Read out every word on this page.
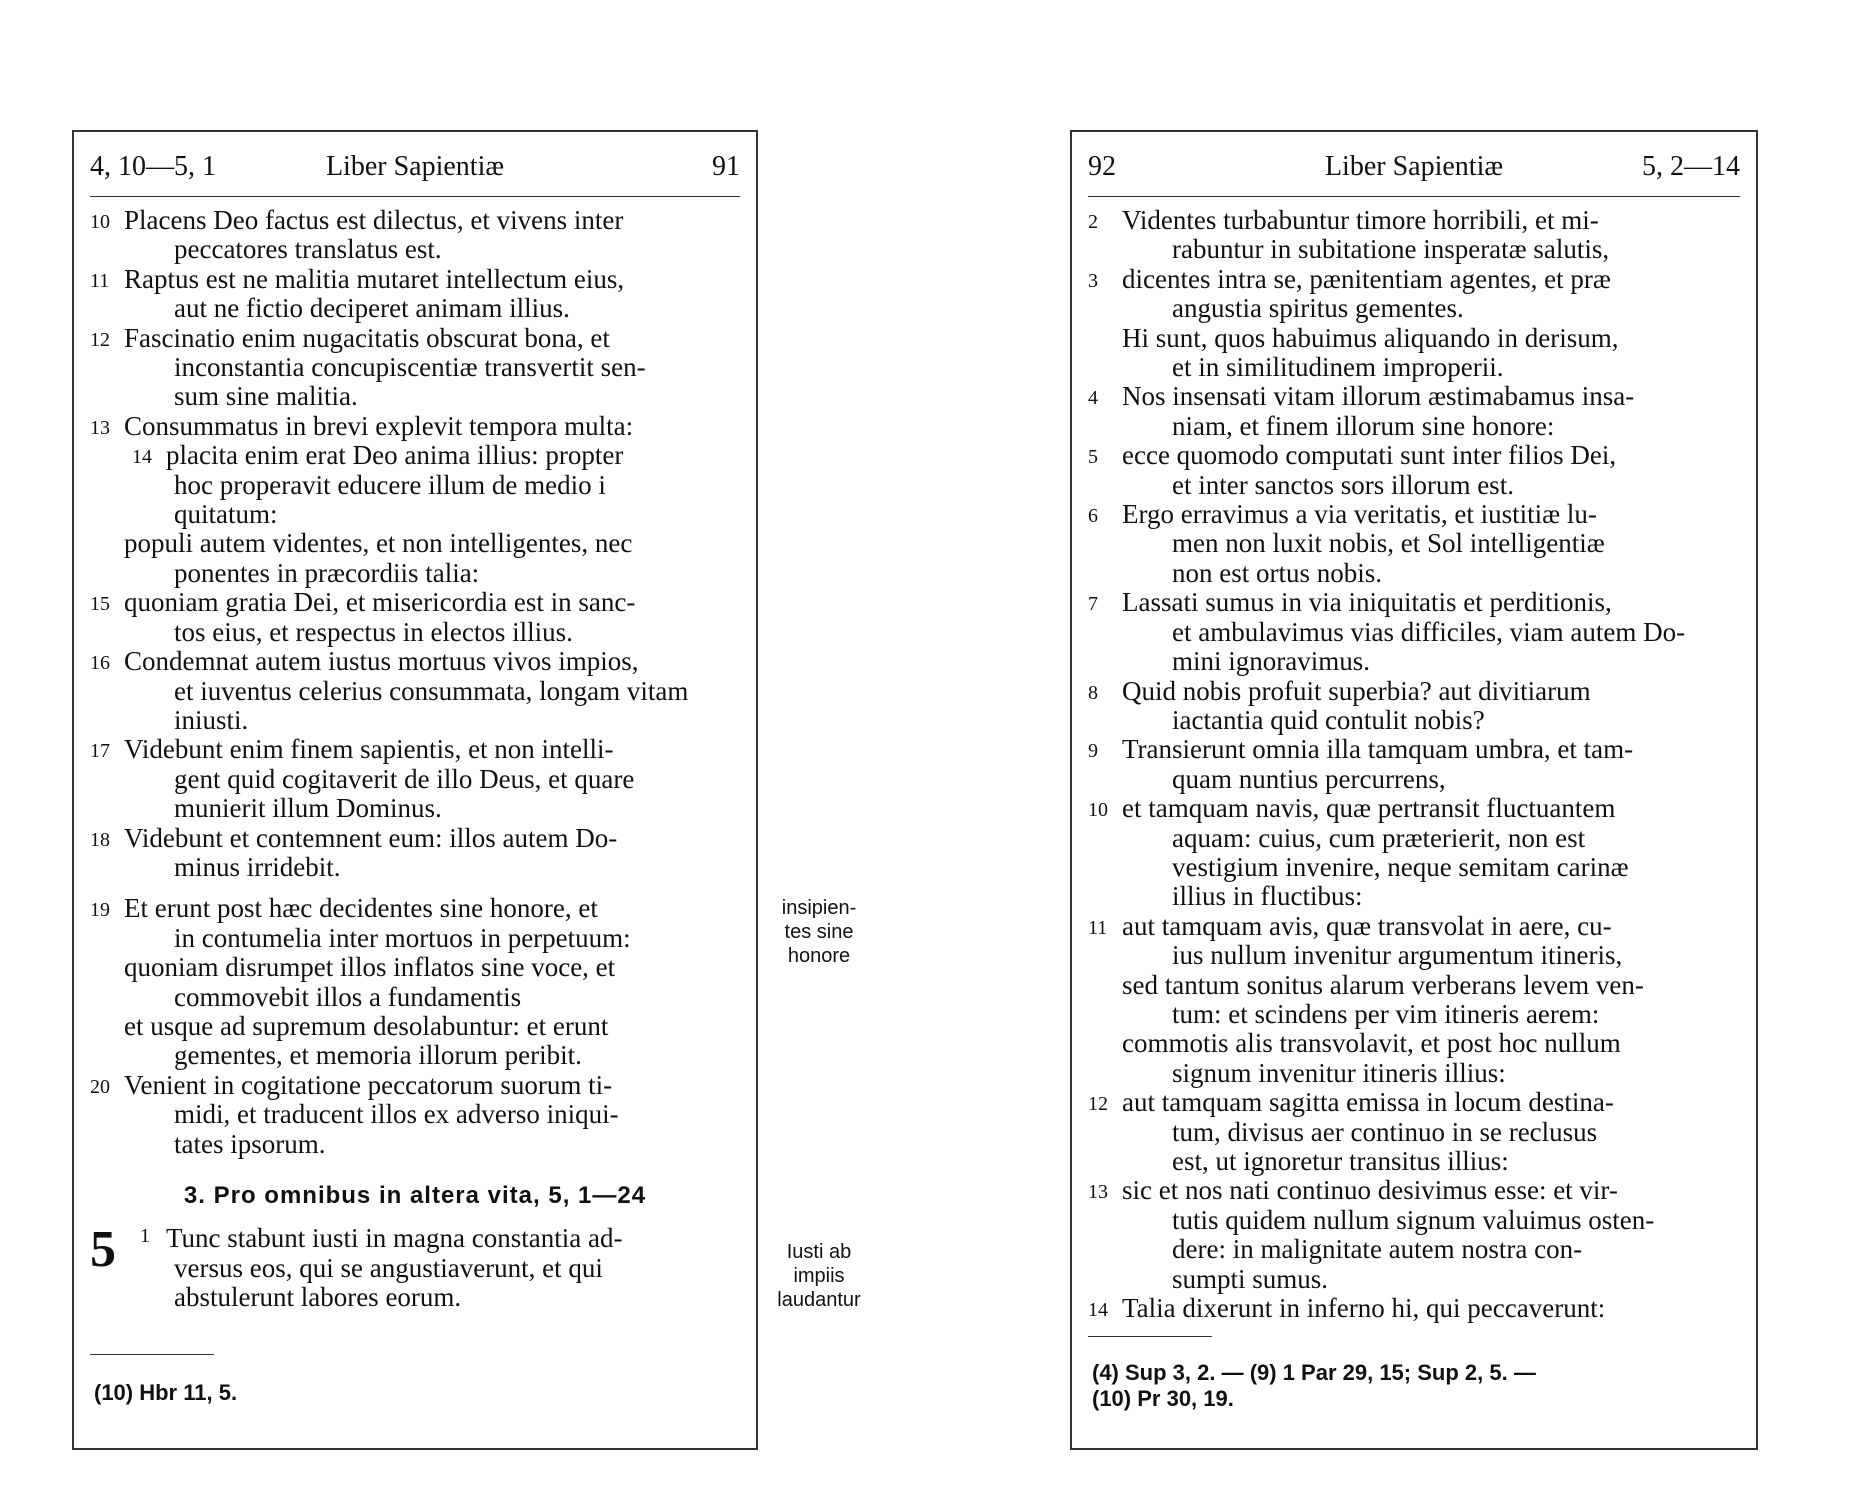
4, 10—5, 1	Liber Sapientiæ	91
10 Placens Deo factus est dilectus, et vivens inter
peccatores translatus est.
11 Raptus est ne malitia mutaret intellectum eius,
aut ne fictio deciperet animam illius.
12 Fascinatio enim nugacitatis obscurat bona, et
inconstantia concupiscentiæ transvertit sen-
sum sine malitia.
13 Consummatus in brevi explevit tempora multa:
14 placita enim erat Deo anima illius: propter
hoc properavit educere illum de medio i
quitatum:
populi autem videntes, et non intelligentes, nec
ponentes in præcordiis talia:
15 quoniam gratia Dei, et misericordia est in sanc-
tos eius, et respectus in electos illius.
16 Condemnat autem iustus mortuus vivos impios,
et iuventus celerius consummata, longam vitam
iniusti.
17 Videbunt enim finem sapientis, et non intelli-
gent quid cogitaverit de illo Deus, et quare
munierit illum Dominus.
18 Videbunt et contemnent eum: illos autem Do-
minus irridebit.
19 Et erunt post hæc decidentes sine honore, et
in contumelia inter mortuos in perpetuum:
quoniam disrumpet illos inflatos sine voce, et
commovebit illos a fundamentis
et usque ad supremum desolabuntur: et erunt
gementes, et memoria illorum peribit.
20 Venient in cogitatione peccatorum suorum ti-
midi, et traducent illos ex adverso iniqui-
tates ipsorum.
3. Pro omnibus in altera vita, 5, 1—24
5 1 Tunc stabunt iusti in magna constantia ad-
versus eos, qui se angustiaverunt, et qui
abstulerunt labores eorum.
(10) Hbr 11, 5.
insipien-
tes sine
honore
Iusti ab
impiis
laudantur
92	Liber Sapientiæ	5, 2—14
2 Videntes turbabuntur timore horribili, et mi-
rabuntur in subitatione insperatæ salutis,
3 dicentes intra se, pænitentiam agentes, et præ
angustia spiritus gementes.
Hi sunt, quos habuimus aliquando in derisum,
et in similitudinem improperii.
4 Nos insensati vitam illorum æstimabamus insa-
niam, et finem illorum sine honore:
5 ecce quomodo computati sunt inter filios Dei,
et inter sanctos sors illorum est.
6 Ergo erravimus a via veritatis, et iustitiæ lu-
men non luxit nobis, et Sol intelligentiæ
non est ortus nobis.
7 Lassati sumus in via iniquitatis et perditionis,
et ambulavimus vias difficiles, viam autem Do-
mini ignoravimus.
8 Quid nobis profuit superbia? aut divitiarum
iactantia quid contulit nobis?
9 Transierunt omnia illa tamquam umbra, et tam-
quam nuntius percurrens,
10 et tamquam navis, quæ pertransit fluctuantem
aquam: cuius, cum præterierit, non est
vestigium invenire, neque semitam carinæ
illius in fluctibus:
11 aut tamquam avis, quæ transvolat in aere, cu-
ius nullum invenitur argumentum itineris,
sed tantum sonitus alarum verberans levem ven-
tum: et scindens per vim itineris aerem:
commotis alis transvolavit, et post hoc nullum
signum invenitur itineris illius:
12 aut tamquam sagitta emissa in locum destina-
tum, divisus aer continuo in se reclusus
est, ut ignoretur transitus illius:
13 sic et nos nati continuo desivimus esse: et vir-
tutis quidem nullum signum valuimus osten-
dere: in malignitate autem nostra con-
sumpti sumus.
14 Talia dixerunt in inferno hi, qui peccaverunt:
(4) Sup 3, 2. — (9) 1 Par 29, 15; Sup 2, 5. —
(10) Pr 30, 19.
